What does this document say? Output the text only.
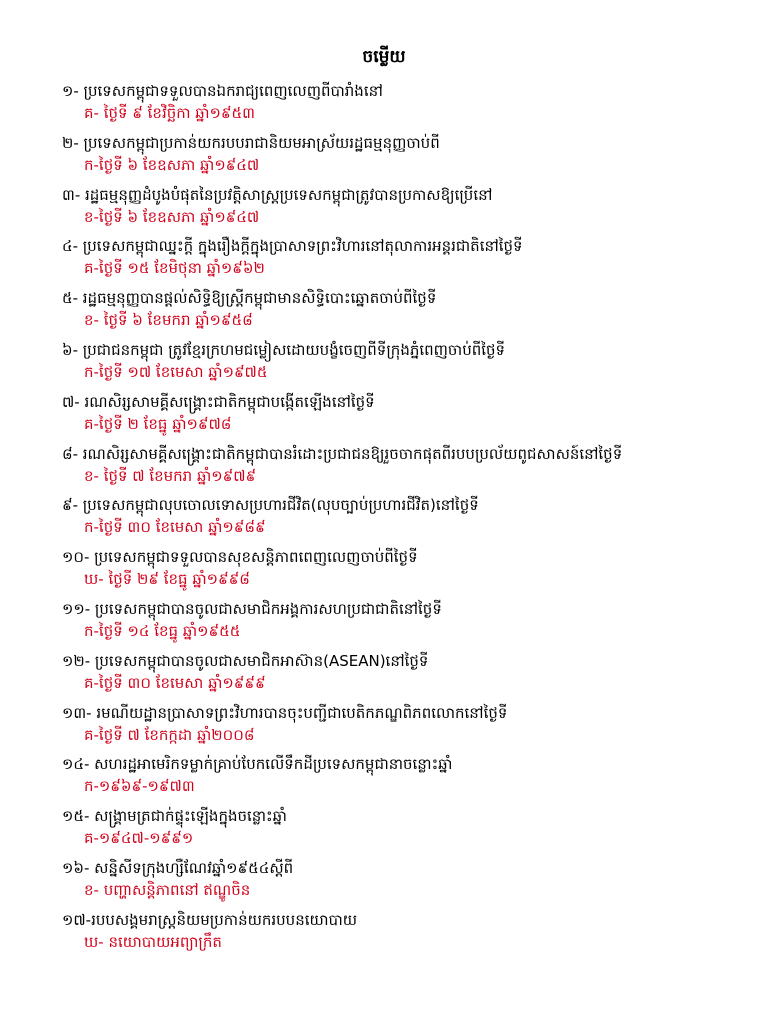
ចម្លើយ
១- ប្រទេសកម្ពុជាទទួលបានឯករាជ្យពេញលេញពីបារាំងនៅ
គ- ថ្ងៃទី ៩ ខែវិច្ឆិកា ឆ្នាំ១៩៥៣
២- ប្រទេសកម្ពុជាប្រកាន់យករបបរាជានិយមអាស្រ័យរដ្ឋធម្មនុញ្ញចាប់ពី
ក-ថ្ងៃទី ៦ ខែឧសភា ឆ្នាំ១៩៤៧
៣- រដ្ឋធម្មនុញ្ញដំបូងបំផុតនៃប្រវត្តិសាស្រ្តប្រទេសកម្ពុជាត្រូវបានប្រកាសឱ្យប្រើនៅ
ខ-ថ្ងៃទី ៦ ខែឧសភា ឆ្នាំ១៩៤៧
៤- ប្រទេសកម្ពុជាឈ្នះក្តី ក្នុងរឿងក្តីក្នុងប្រាសាទព្រះវិហារនៅតុលាការអន្តរជាតិនៅថ្ងៃទី
គ-ថ្ងៃទី ១៥ ខែមិថុនា ឆ្នាំ១៩៦២
៥- រដ្ឋធម្មនុញ្ញបានផ្តល់សិទ្ធិឱ្យស្ត្រីកម្ពុជាមានសិទ្ធិបោះឆ្នោតចាប់ពីថ្ងៃទី
ខ- ថ្ងៃទី ៦ ខែមករា ឆ្នាំ១៩៥៨
៦- ប្រជាជនកម្ពុជា ត្រូវខ្មែរក្រហមជម្លៀសដោយបង្ខំចេញពីទីក្រុងភ្នំពេញចាប់ពីថ្ងៃទី
ក-ថ្ងៃទី ១៧ ខែមេសា ឆ្នាំ១៩៧៥
៧- រណសិរ្សសាមគ្គីសង្គ្រោះជាតិកម្ពុជាបង្កើតឡើងនៅថ្ងៃទី
គ-ថ្ងៃទី ២ ខែធ្នូ ឆ្នាំ១៩៧៨
៨- រណសិរ្សសាមគ្គីសង្គ្រោះជាតិកម្ពុជាបានរំដោះប្រជាជនឱ្យរួចចាកផុតពីរបបប្រល័យពូជសាសន៍នៅថ្ងៃទី
ខ- ថ្ងៃទី ៧ ខែមករា ឆ្នាំ១៩៧៩
៩- ប្រទេសកម្ពុជាលុបចោលទោសប្រហារជីវិត(លុបច្បាប់ប្រហារជីវិត)នៅថ្ងៃទី
ក-ថ្ងៃទី ៣០ ខែមេសា ឆ្នាំ១៩៨៩
១០- ប្រទេសកម្ពុជាទទួលបានសុខសន្តិភាពពេញលេញចាប់ពីថ្ងៃទី
ឃ- ថ្ងៃទី ២៩ ខែធ្នូ ឆ្នាំ១៩៩៨
១១- ប្រទេសកម្ពុជាបានចូលជាសមាជិកអង្គការសហប្រជាជាតិនៅថ្ងៃទី
ក-ថ្ងៃទី ១៤ ខែធ្នូ ឆ្នាំ១៩៥៥
១២- ប្រទេសកម្ពុជាបានចូលជាសមាជិកអាស៊ាន(ASEAN)នៅថ្ងៃទី
គ-ថ្ងៃទី ៣០ ខែមេសា ឆ្នាំ១៩៩៩
១៣- រមណីយដ្ឋានប្រាសាទព្រះវិហារបានចុះបញ្ជីជាបេតិកភណ្ឌពិភពលោកនៅថ្ងៃទី
គ-ថ្ងៃទី ៧ ខែកក្កដា ឆ្នាំ២០០៨
១៤- សហរដ្ឋអាមេរិកទម្លាក់គ្រាប់បែកលើទឹកដីប្រទេសកម្ពុជានាចន្លោះឆ្នាំ
ក-១៩៦៩-១៩៧៣
១៥- សង្គ្រាមត្រជាក់ផ្ទុះឡើងក្នុងចន្លោះឆ្នាំ
គ-១៩៤៧-១៩៩១
១៦- សន្និសីទក្រុងហ្សឺណែវឆ្នាំ១៩៥៤ស្តីពី
ខ- បញ្ហាសន្តិភាពនៅ ឥណ្ឌូចិន
១៧-របបសង្គមរាស្ត្រនិយមប្រកាន់យករបបនយោបាយ
ឃ- នយោបាយអព្យាក្រឹត
